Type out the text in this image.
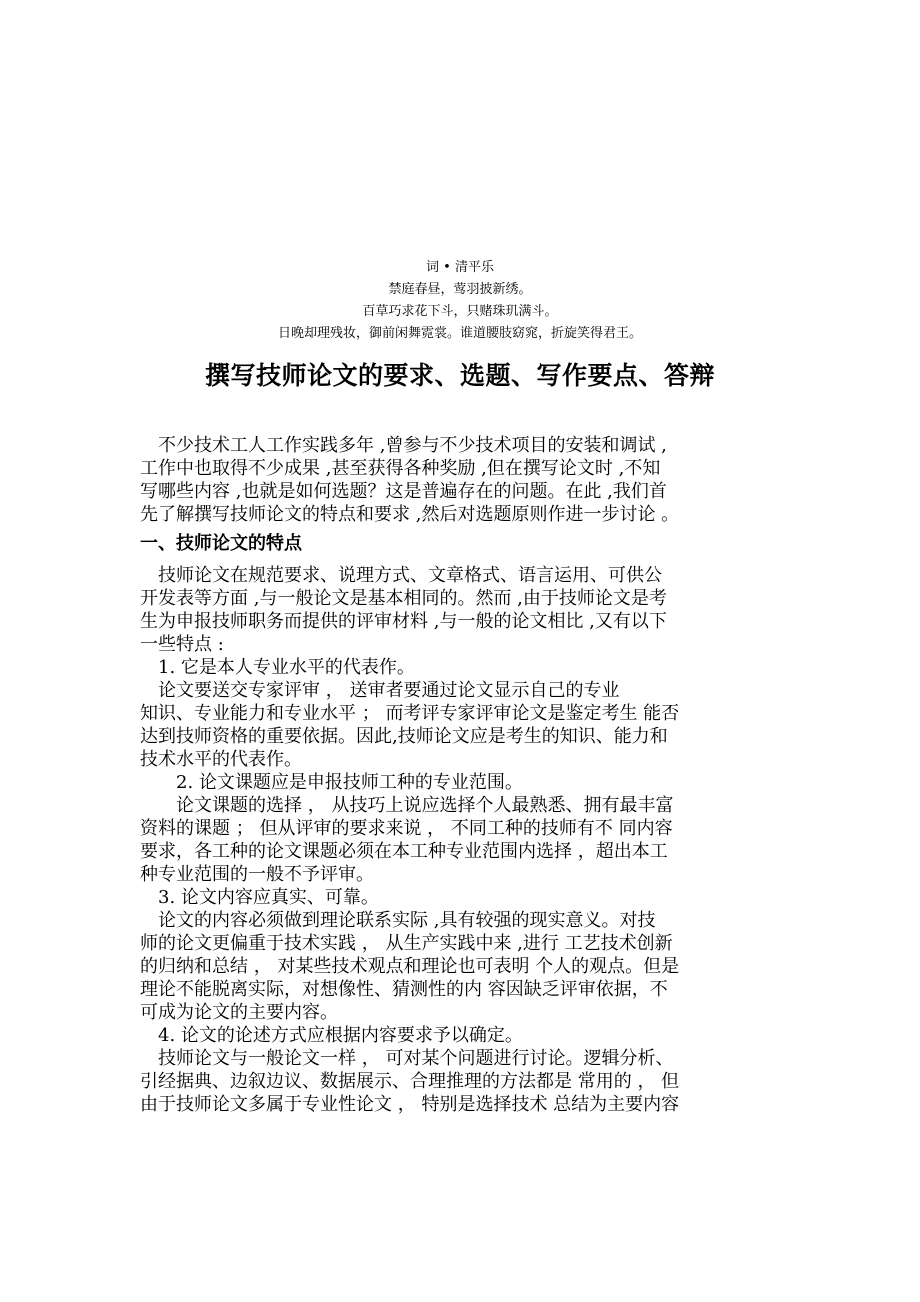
词 • 清平乐
禁庭春昼，莺羽披新绣。
百草巧求花下斗，只赌珠玑满斗。
日晚却理残妆，御前闲舞霓裳。谁道腰肢窈窕，折旋笑得君王。
撰写技师论文的要求、选题、写作要点、答辩
　不少技术工人工作实践多年 ,曾参与不少技术项目的安装和调试 ,
工作中也取得不少成果 ,甚至获得各种奖励 ,但在撰写论文时 ,不知
写哪些内容 ,也就是如何选题？这是普遍存在的问题。在此 ,我们首
先了解撰写技师论文的特点和要求 ,然后对选题原则作进一步讨论 。
一、技师论文的特点
　技师论文在规范要求、说理方式、文章格式、语言运用、可供公
开发表等方面 ,与一般论文是基本相同的。然而 ,由于技师论文是考
生为申报技师职务而提供的评审材料 ,与一般的论文相比 ,又有以下
一些特点 :
　1. 它是本人专业水平的代表作。
　论文要送交专家评审 ， 送审者要通过论文显示自己的专业
知识、专业能力和专业水平 ； 而考评专家评审论文是鉴定考生 能否
达到技师资格的重要依据。因此,技师论文应是考生的知识、能力和
技术水平的代表作。
　　2. 论文课题应是申报技师工种的专业范围。
　　论文课题的选择 ， 从技巧上说应选择个人最熟悉、拥有最丰富
资料的课题 ； 但从评审的要求来说 ， 不同工种的技师有不 同内容
要求，各工种的论文课题必须在本工种专业范围内选择 ，超出本工
种专业范围的一般不予评审。
　3. 论文内容应真实、可靠。
　论文的内容必须做到理论联系实际 ,具有较强的现实意义。对技
师的论文更偏重于技术实践 ， 从生产实践中来 ,进行 工艺技术创新
的归纳和总结 ， 对某些技术观点和理论也可表明 个人的观点。但是
理论不能脱离实际，对想像性、猜测性的内 容因缺乏评审依据，不
可成为论文的主要内容。
　4. 论文的论述方式应根据内容要求予以确定。
　技师论文与一般论文一样 ， 可对某个问题进行讨论。逻辑分析、
引经据典、边叙边议、数据展示、合理推理的方法都是 常用的 ， 但
由于技师论文多属于专业性论文 ， 特别是选择技术 总结为主要内容
